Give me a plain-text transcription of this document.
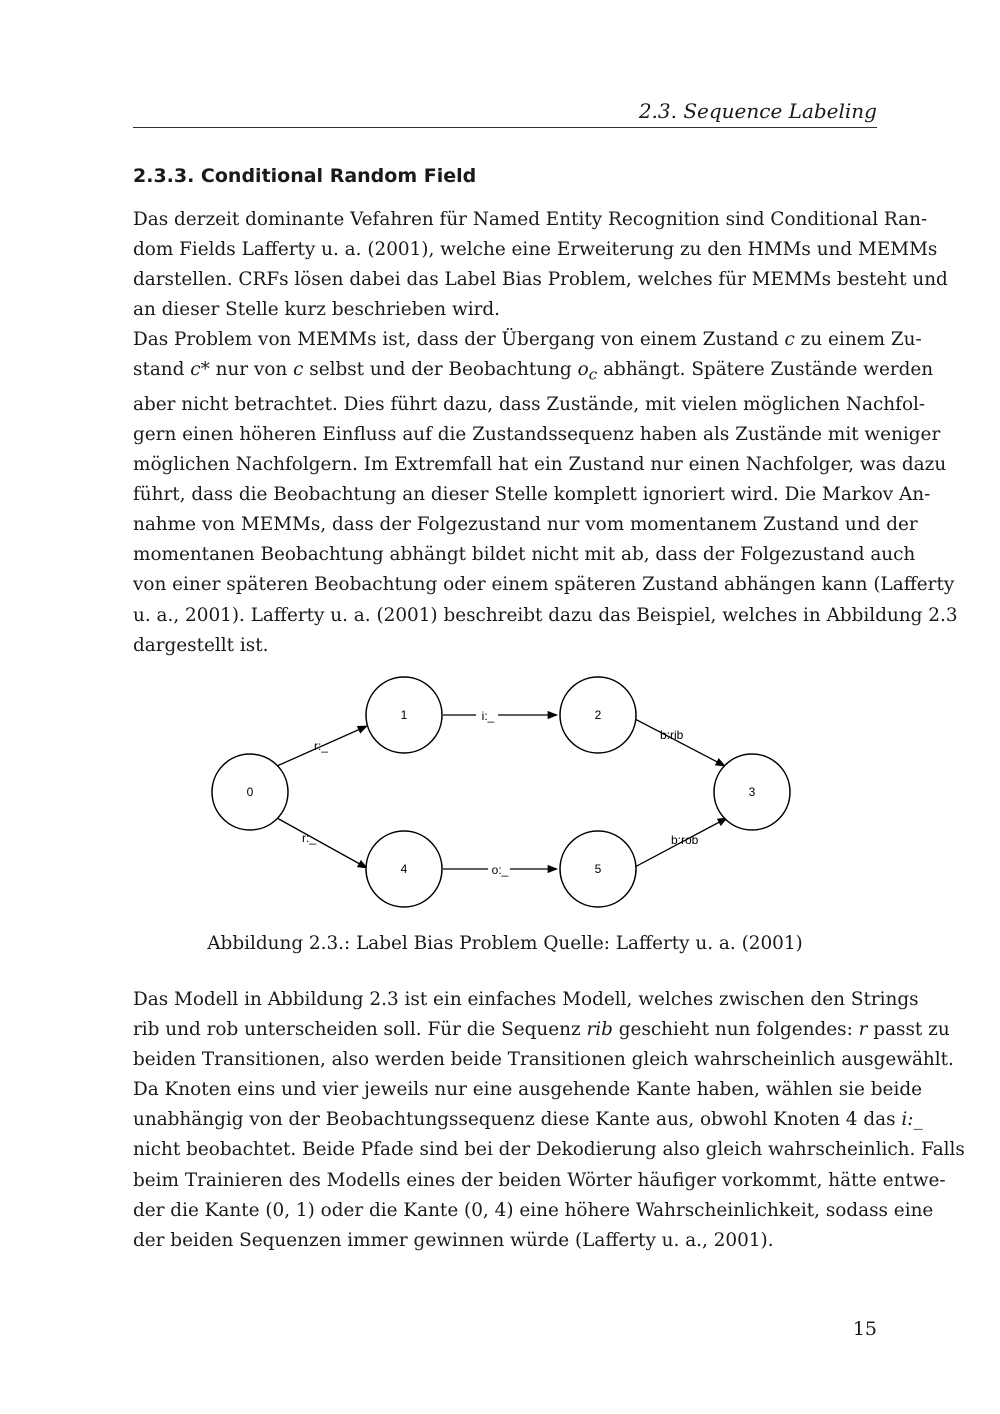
2.3. Sequence Labeling
2.3.3. Conditional Random Field

Das derzeit dominante Vefahren für Named Entity Recognition sind Conditional Ran-
dom Fields Lafferty u. a. (2001), welche eine Erweiterung zu den HMMs und MEMMs
darstellen. CRFs lösen dabei das Label Bias Problem, welches für MEMMs besteht und
an dieser Stelle kurz beschrieben wird.

Das Problem von MEMMs ist, dass der Übergang von einem Zustand c zu einem Zu-
stand c* nur von c selbst und der Beobachtung $o_c$ abhängt. Spätere Zustände werden
aber nicht betrachtet. Dies führt dazu, dass Zustände, mit vielen möglichen Nachfol-
gern einen höheren Einfluss auf die Zustandssequenz haben als Zustände mit weniger
möglichen Nachfolgern. Im Extremfall hat ein Zustand nur einen Nachfolger, was dazu
führt, dass die Beobachtung an dieser Stelle komplett ignoriert wird. Die Markov An-
nahme von MEMMs, dass der Folgezustand nur vom momentanem Zustand und der
momentanen Beobachtung abhängt bildet nicht mit ab, dass der Folgezustand auch
von einer späteren Beobachtung oder einem späteren Zustand abhängen kann (Lafferty
u. a., 2001). Lafferty u. a. (2001) beschreibt dazu das Beispiel, welches in Abbildung 2.3
dargestellt ist.

r:_
i:_
b:rib
r:_
o:_
b:rob
0
1	2
3
4	5

Abbildung 2.3.: Label Bias Problem Quelle: Lafferty u. a. (2001)

Das Modell in Abbildung 2.3 ist ein einfaches Modell, welches zwischen den Strings
rib und rob unterscheiden soll. Für die Sequenz rib geschieht nun folgendes: r passt zu
beiden Transitionen, also werden beide Transitionen gleich wahrscheinlich ausgewählt.
Da Knoten eins und vier jeweils nur eine ausgehende Kante haben, wählen sie beide
unabhängig von der Beobachtungssequenz diese Kante aus, obwohl Knoten 4 das i:_
nicht beobachtet. Beide Pfade sind bei der Dekodierung also gleich wahrscheinlich. Falls
beim Trainieren des Modells eines der beiden Wörter häufiger vorkommt, hätte entwe-
der die Kante (0, 1) oder die Kante (0, 4) eine höhere Wahrscheinlichkeit, sodass eine
der beiden Sequenzen immer gewinnen würde (Lafferty u. a., 2001).

15
